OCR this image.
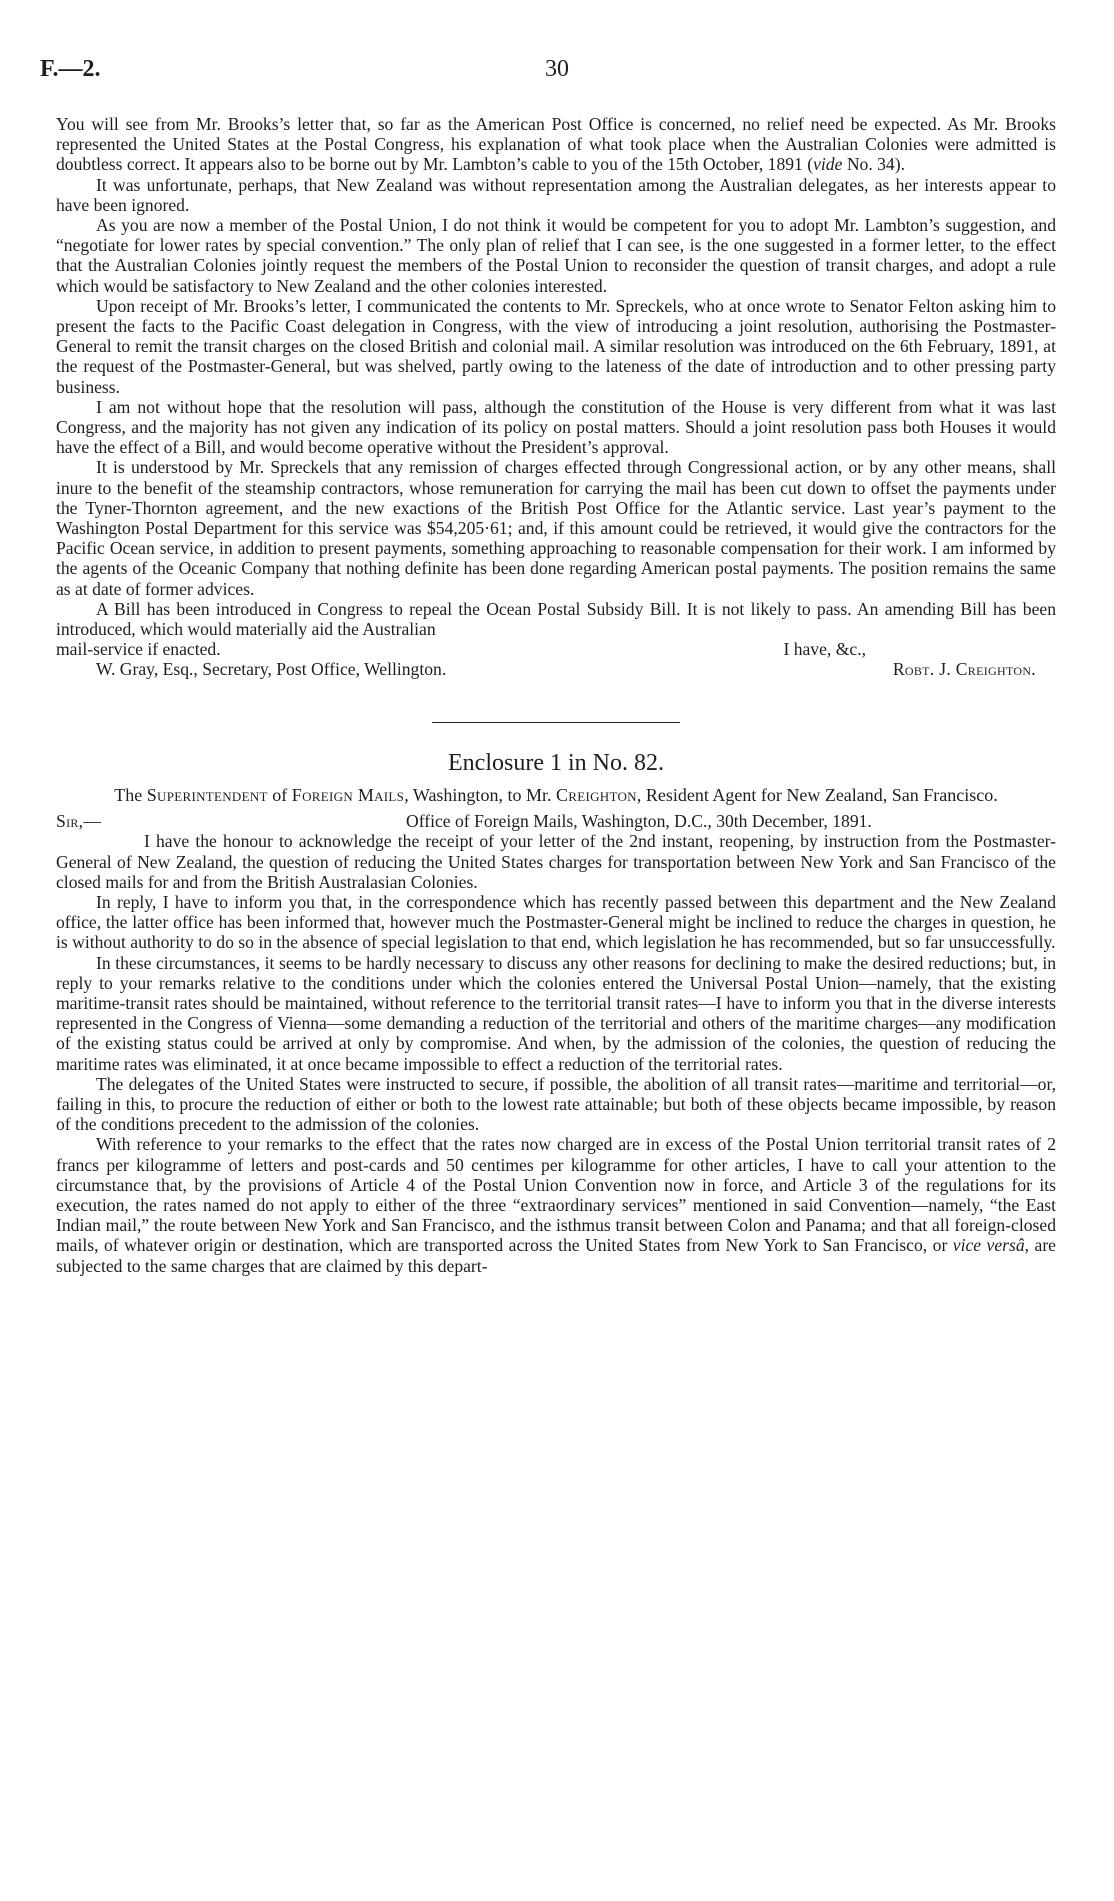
F.—2.	30

You will see from Mr. Brooks’s letter that, so far as the American Post Office is concerned, no relief need be expected. As Mr. Brooks represented the United States at the Postal Congress, his explanation of what took place when the Australian Colonies were admitted is doubtless correct. It appears also to be borne out by Mr. Lambton’s cable to you of the 15th October, 1891 (vide No. 34).

It was unfortunate, perhaps, that New Zealand was without representation among the Australian delegates, as her interests appear to have been ignored.

As you are now a member of the Postal Union, I do not think it would be competent for you to adopt Mr. Lambton’s suggestion, and “negotiate for lower rates by special convention.” The only plan of relief that I can see, is the one suggested in a former letter, to the effect that the Australian Colonies jointly request the members of the Postal Union to reconsider the question of transit charges, and adopt a rule which would be satisfactory to New Zealand and the other colonies interested.

Upon receipt of Mr. Brooks’s letter, I communicated the contents to Mr. Spreckels, who at once wrote to Senator Felton asking him to present the facts to the Pacific Coast delegation in Congress, with the view of introducing a joint resolution, authorising the Postmaster-General to remit the transit charges on the closed British and colonial mail. A similar resolution was introduced on the 6th February, 1891, at the request of the Postmaster-General, but was shelved, partly owing to the lateness of the date of introduction and to other pressing party business.

I am not without hope that the resolution will pass, although the constitution of the House is very different from what it was last Congress, and the majority has not given any indication of its policy on postal matters. Should a joint resolution pass both Houses it would have the effect of a Bill, and would become operative without the President’s approval.

It is understood by Mr. Spreckels that any remission of charges effected through Congressional action, or by any other means, shall inure to the benefit of the steamship contractors, whose remuneration for carrying the mail has been cut down to offset the payments under the Tyner-Thornton agreement, and the new exactions of the British Post Office for the Atlantic service. Last year’s payment to the Washington Postal Department for this service was $54,205·61; and, if this amount could be retrieved, it would give the contractors for the Pacific Ocean service, in addition to present payments, something approaching to reasonable compensation for their work. I am informed by the agents of the Oceanic Company that nothing definite has been done regarding American postal payments. The position remains the same as at date of former advices.

A Bill has been introduced in Congress to repeal the Ocean Postal Subsidy Bill. It is not likely to pass. An amending Bill has been introduced, which would materially aid the Australian

mail-service if enacted.	I have, &c.,
W. Gray, Esq., Secretary, Post Office, Wellington.	Robt. J. Creighton.
Enclosure 1 in No. 82.
The Superintendent of Foreign Mails, Washington, to Mr. Creighton, Resident Agent for New Zealand, San Francisco.
Sir,—	Office of Foreign Mails, Washington, D.C., 30th December, 1891.

I have the honour to acknowledge the receipt of your letter of the 2nd instant, reopening, by instruction from the Postmaster-General of New Zealand, the question of reducing the United States charges for transportation between New York and San Francisco of the closed mails for and from the British Australasian Colonies.

In reply, I have to inform you that, in the correspondence which has recently passed between this department and the New Zealand office, the latter office has been informed that, however much the Postmaster-General might be inclined to reduce the charges in question, he is without authority to do so in the absence of special legislation to that end, which legislation he has recommended, but so far unsuccessfully.

In these circumstances, it seems to be hardly necessary to discuss any other reasons for declining to make the desired reductions; but, in reply to your remarks relative to the conditions under which the colonies entered the Universal Postal Union—namely, that the existing maritime-transit rates should be maintained, without reference to the territorial transit rates—I have to inform you that in the diverse interests represented in the Congress of Vienna—some demanding a reduction of the territorial and others of the maritime charges—any modification of the existing status could be arrived at only by compromise. And when, by the admission of the colonies, the question of reducing the maritime rates was eliminated, it at once became impossible to effect a reduction of the territorial rates.

The delegates of the United States were instructed to secure, if possible, the abolition of all transit rates—maritime and territorial—or, failing in this, to procure the reduction of either or both to the lowest rate attainable; but both of these objects became impossible, by reason of the conditions precedent to the admission of the colonies.

With reference to your remarks to the effect that the rates now charged are in excess of the Postal Union territorial transit rates of 2 francs per kilogramme of letters and post-cards and 50 centimes per kilogramme for other articles, I have to call your attention to the circumstance that, by the provisions of Article 4 of the Postal Union Convention now in force, and Article 3 of the regulations for its execution, the rates named do not apply to either of the three “extraordinary services” mentioned in said Convention—namely, “the East Indian mail,” the route between New York and San Francisco, and the isthmus transit between Colon and Panama; and that all foreign-closed mails, of whatever origin or destination, which are transported across the United States from New York to San Francisco, or vice versâ, are subjected to the same charges that are claimed by this depart-
